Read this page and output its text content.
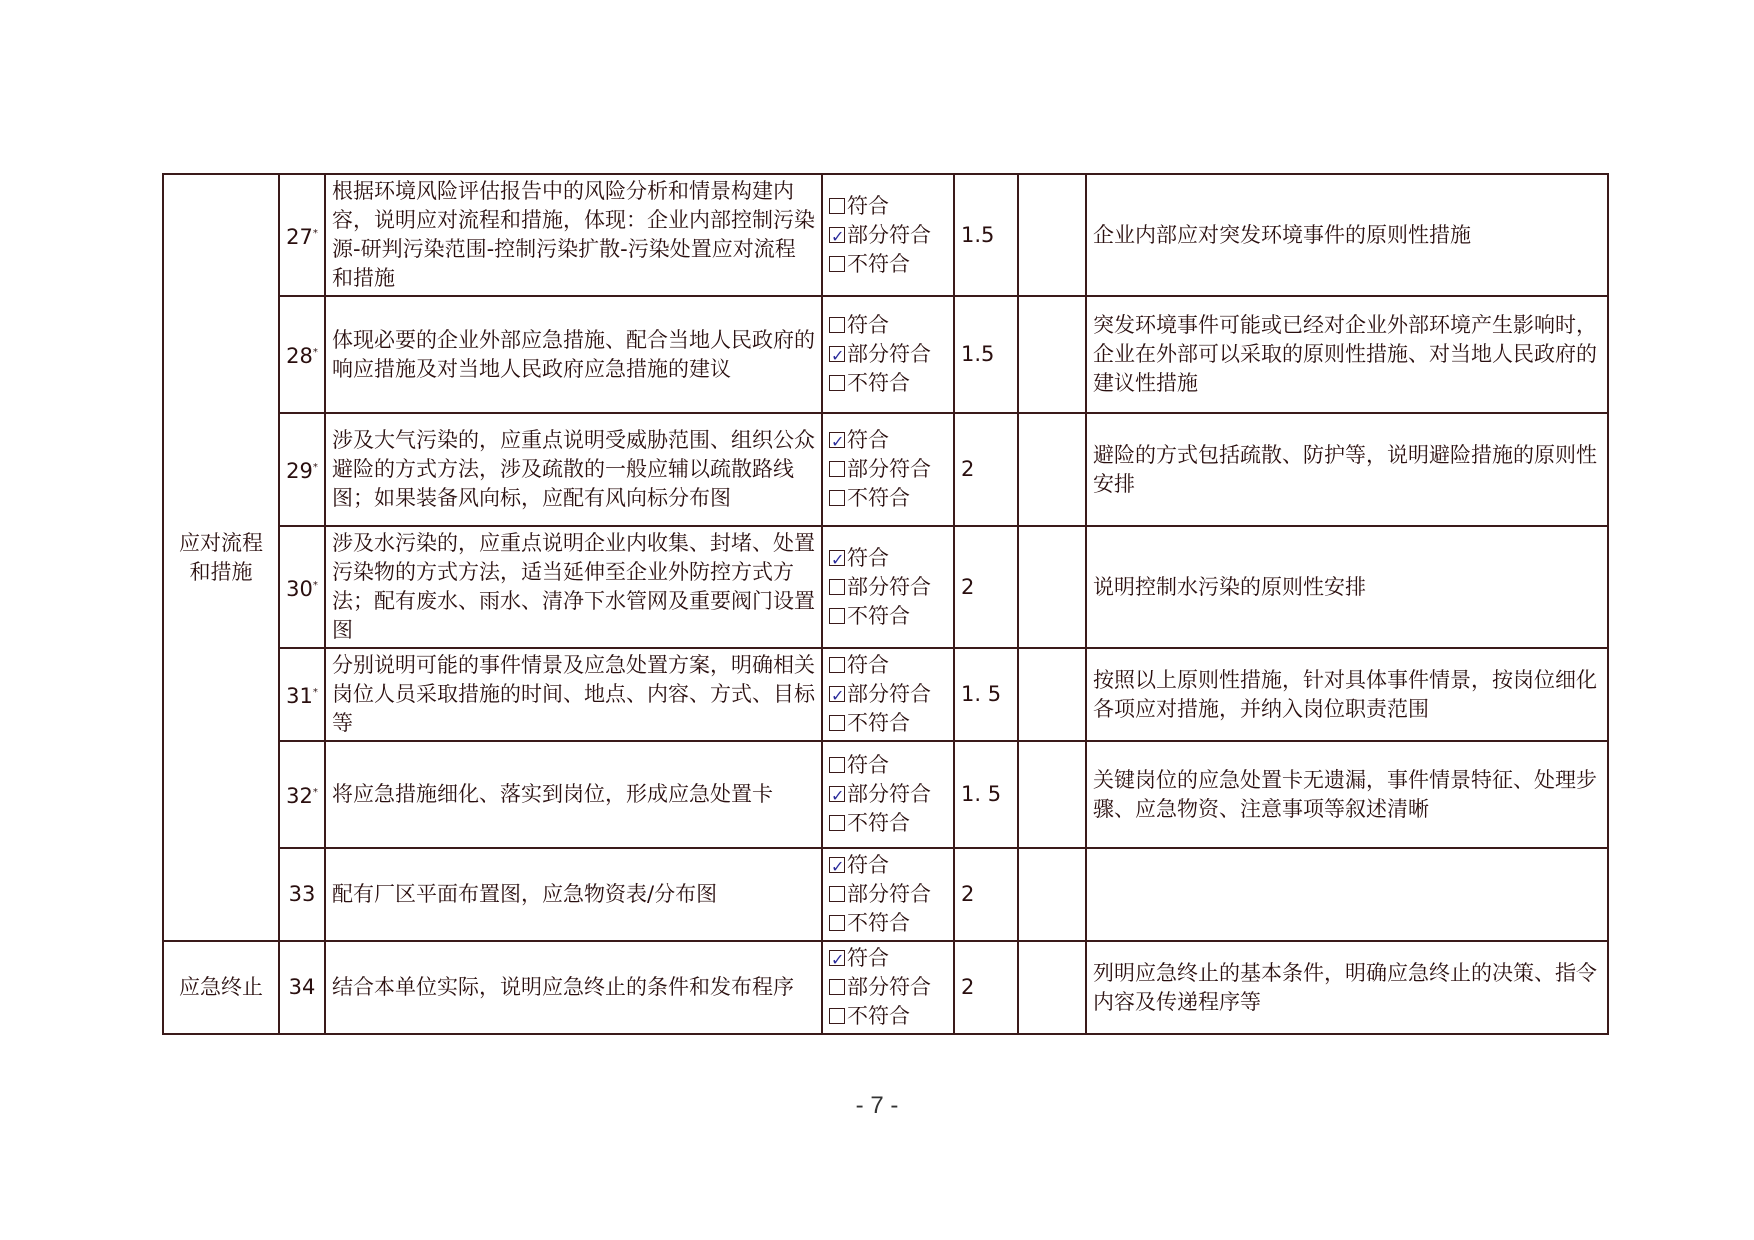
应对流程
和措施	27*	根据环境风险评估报告中的风险分析和情景构建内容，说明应对流程和措施，体现：企业内部控制污染源-研判污染范围-控制污染扩散-污染处置应对流程和措施	符合
✓部分符合
不符合	1.5		企业内部应对突发环境事件的原则性措施
	28*	体现必要的企业外部应急措施、配合当地人民政府的响应措施及对当地人民政府应急措施的建议	符合
✓部分符合
不符合	1.5		突发环境事件可能或已经对企业外部环境产生影响时，企业在外部可以采取的原则性措施、对当地人民政府的建议性措施
	29*	涉及大气污染的，应重点说明受威胁范围、组织公众避险的方式方法，涉及疏散的一般应辅以疏散路线图；如果装备风向标，应配有风向标分布图	
✓符合
部分符合
不符合	2		避险的方式包括疏散、防护等，说明避险措施的原则性安排
	30*	涉及水污染的，应重点说明企业内收集、封堵、处置污染物的方式方法，适当延伸至企业外防控方式方法；配有废水、雨水、清净下水管网及重要阀门设置图	
✓符合
部分符合
不符合	2		说明控制水污染的原则性安排
	31*	分别说明可能的事件情景及应急处置方案，明确相关岗位人员采取措施的时间、地点、内容、方式、目标等	符合
✓部分符合
不符合	1. 5		按照以上原则性措施，针对具体事件情景，按岗位细化各项应对措施，并纳入岗位职责范围
	32*	将应急措施细化、落实到岗位，形成应急处置卡	符合
✓部分符合
不符合	1. 5		关键岗位的应急处置卡无遗漏，事件情景特征、处理步骤、应急物资、注意事项等叙述清晰
	33	配有厂区平面布置图，应急物资表/分布图	
✓符合
部分符合
不符合	2		
应急终止	34	结合本单位实际，说明应急终止的条件和发布程序	
✓符合
部分符合
不符合	2		列明应急终止的基本条件，明确应急终止的决策、指令内容及传递程序等
- 7 -
